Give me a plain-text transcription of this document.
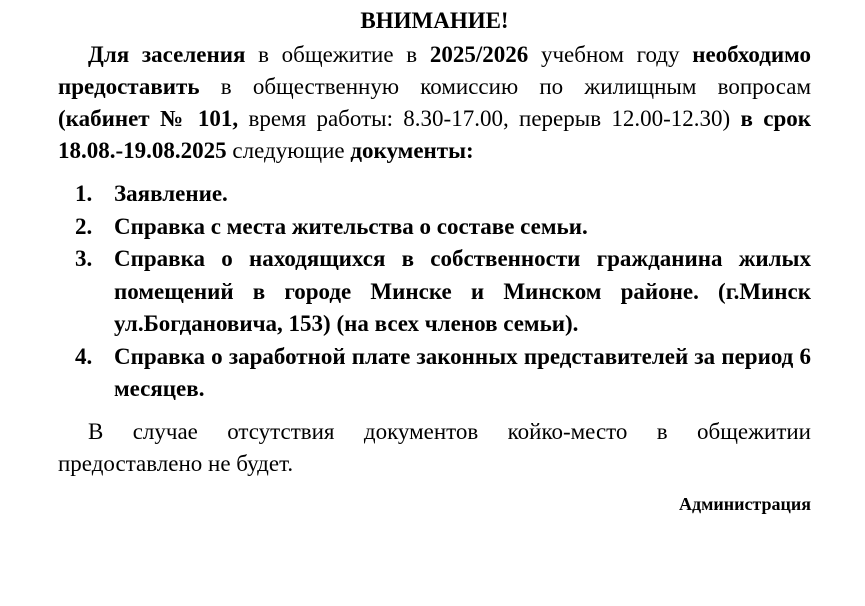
ВНИМАНИЕ!

Для заселения в общежитие в 2025/2026 учебном году необходимо предоставить в общественную комиссию по жилищным вопросам (кабинет № 101, время работы: 8.30-17.00, перерыв 12.00-12.30) в срок 18.08.-19.08.2025 следующие документы:

1. Заявление.
2. Справка с места жительства о составе семьи.
3. Справка о находящихся в собственности гражданина жилых помещений в городе Минске и Минском районе. (г.Минск ул.Богдановича, 153) (на всех членов семьи).
4. Справка о заработной плате законных представителей за период 6 месяцев.

В случае отсутствия документов койко-место в общежитии предоставлено не будет.

Администрация
